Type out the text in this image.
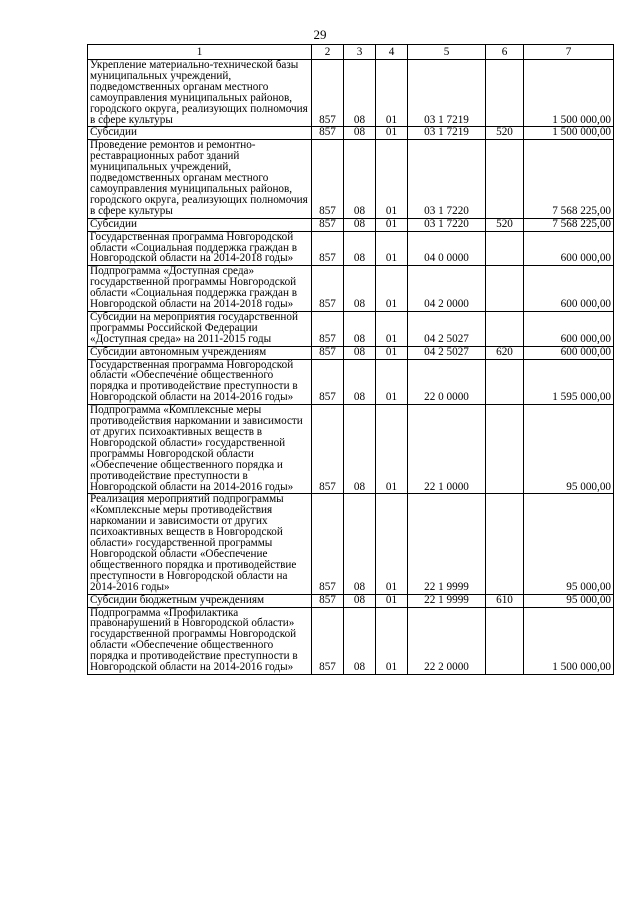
29
1	2	3	4	5	6	7
Укрепление материально-технической базы муниципальных учреждений, подведомственных органам местного самоуправления муниципальных районов, городского округа, реализующих полномочия в сфере культуры	857	08	01	03 1 7219		1 500 000,00
Субсидии	857	08	01	03 1 7219	520	1 500 000,00
Проведение ремонтов и ремонтно-реставрационных работ зданий муниципальных учреждений, подведомственных органам местного самоуправления муниципальных районов, городского округа, реализующих полномочия в сфере культуры	857	08	01	03 1 7220		7 568 225,00
Субсидии	857	08	01	03 1 7220	520	7 568 225,00
Государственная программа Новгородской области «Социальная поддержка граждан в Новгородской области на 2014-2018 годы»	857	08	01	04 0 0000		600 000,00
Подпрограмма «Доступная среда» государственной программы Новгородской области «Социальная поддержка граждан в Новгородской области на 2014-2018 годы»	857	08	01	04 2 0000		600 000,00
Субсидии на мероприятия государственной программы Российской Федерации «Доступная среда» на 2011-2015 годы	857	08	01	04 2 5027		600 000,00
Субсидии автономным учреждениям	857	08	01	04 2 5027	620	600 000,00
Государственная программа Новгородской области «Обеспечение общественного порядка и противодействие преступности в Новгородской области на 2014-2016 годы»	857	08	01	22 0 0000		1 595 000,00
Подпрограмма «Комплексные меры противодействия наркомании и зависимости от других психоактивных веществ в Новгородской области» государственной программы Новгородской области «Обеспечение общественного порядка и противодействие преступности в Новгородской области на 2014-2016 годы»	857	08	01	22 1 0000		95 000,00
Реализация мероприятий подпрограммы «Комплексные меры противодействия наркомании и зависимости от других психоактивных веществ в Новгородской области» государственной программы Новгородской области «Обеспечение общественного порядка и противодействие преступности в Новгородской области на 2014-2016 годы»	857	08	01	22 1 9999		95 000,00
Субсидии бюджетным учреждениям	857	08	01	22 1 9999	610	95 000,00
Подпрограмма «Профилактика правонарушений в Новгородской области» государственной программы Новгородской области «Обеспечение общественного порядка и противодействие преступности в Новгородской области на 2014-2016 годы»	857	08	01	22 2 0000		1 500 000,00
